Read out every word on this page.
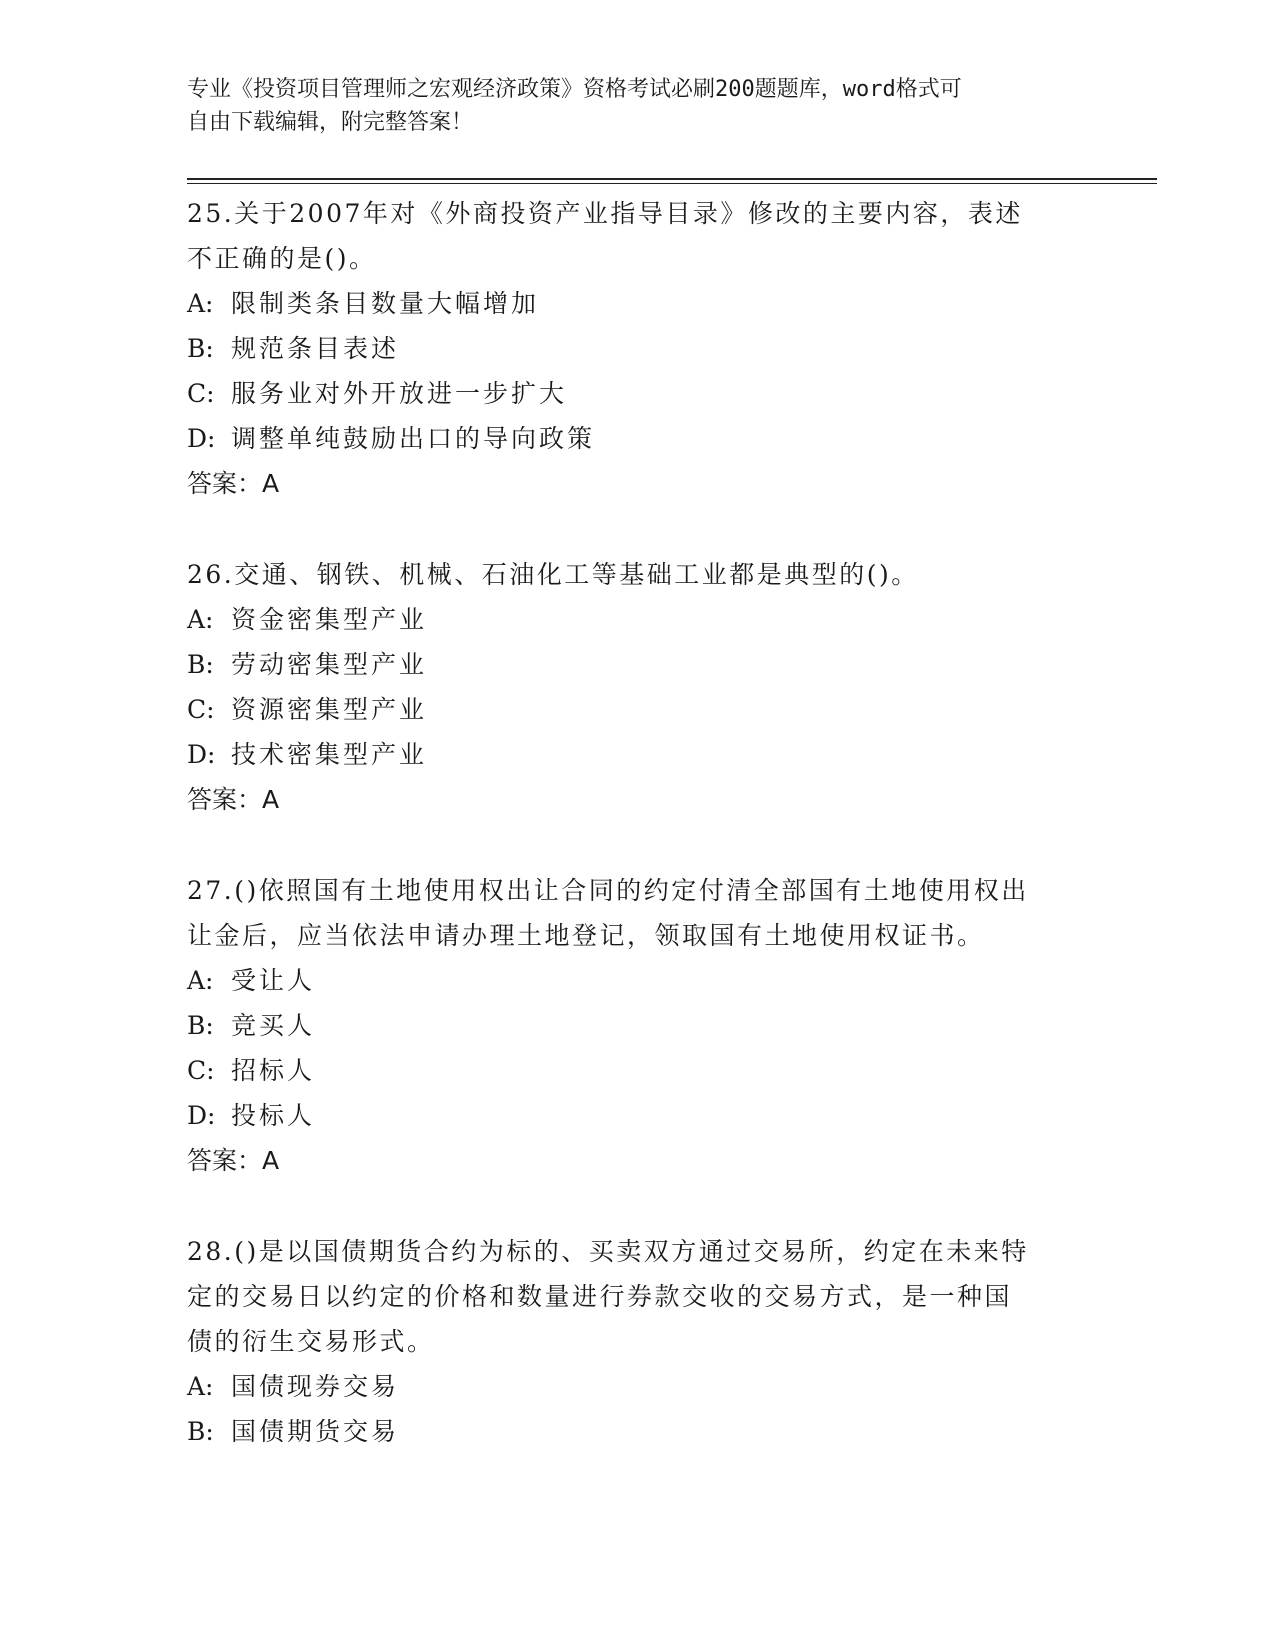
专业《投资项目管理师之宏观经济政策》资格考试必刷200题题库，word格式可
自由下载编辑，附完整答案！
25.关于2007年对《外商投资产业指导目录》修改的主要内容，表述
不正确的是()。
A: 限制类条目数量大幅增加
B: 规范条目表述
C: 服务业对外开放进一步扩大
D: 调整单纯鼓励出口的导向政策
答案：A
26.交通、钢铁、机械、石油化工等基础工业都是典型的()。
A: 资金密集型产业
B: 劳动密集型产业
C: 资源密集型产业
D: 技术密集型产业
答案：A
27.()依照国有土地使用权出让合同的约定付清全部国有土地使用权出
让金后，应当依法申请办理土地登记，领取国有土地使用权证书。
A: 受让人
B: 竞买人
C: 招标人
D: 投标人
答案：A
28.()是以国债期货合约为标的、买卖双方通过交易所，约定在未来特
定的交易日以约定的价格和数量进行券款交收的交易方式，是一种国
债的衍生交易形式。
A: 国债现券交易
B: 国债期货交易
